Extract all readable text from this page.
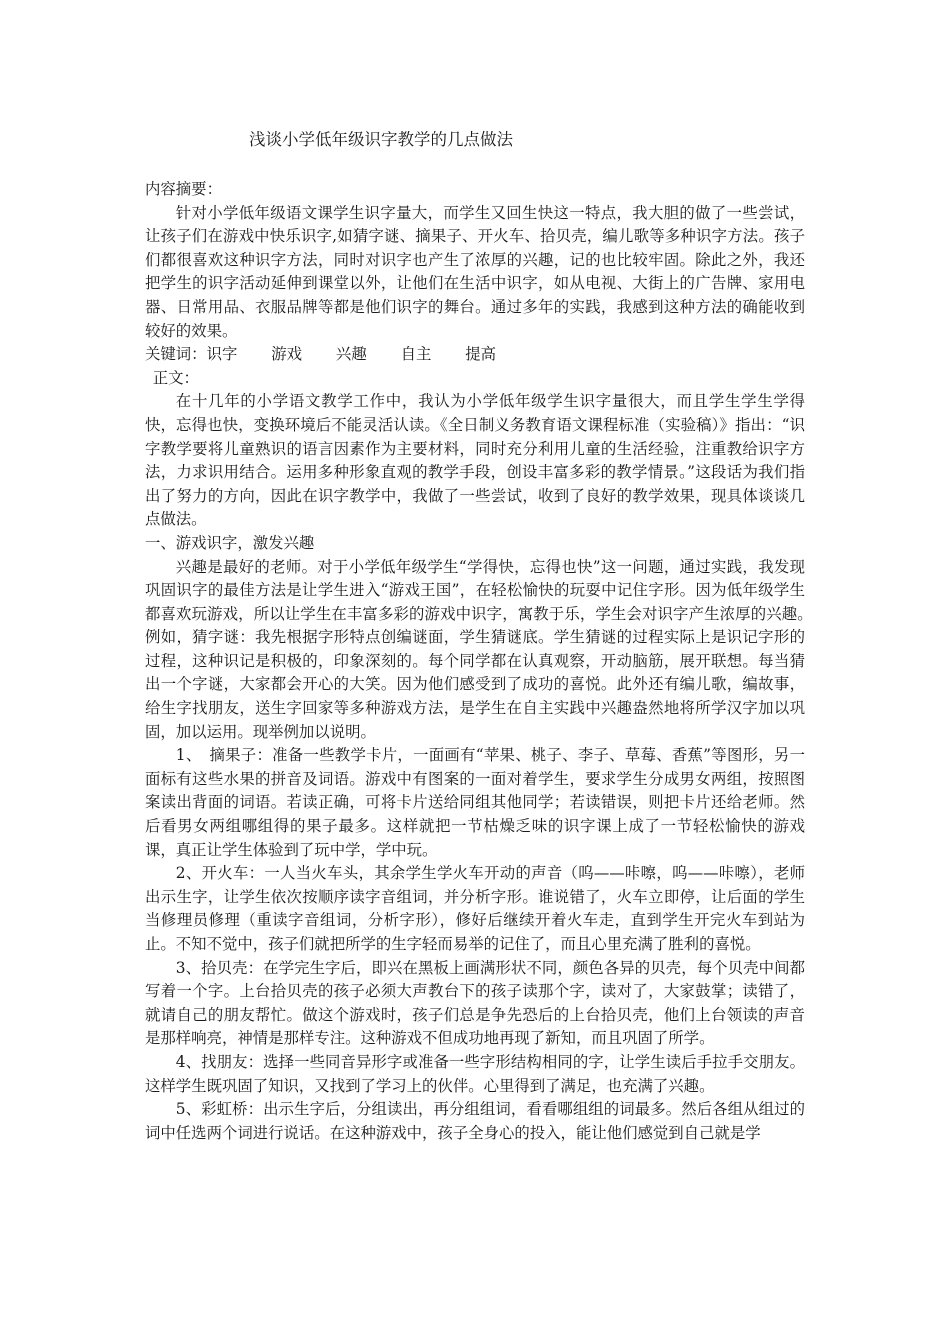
浅谈小学低年级识字教学的几点做法

内容摘要：

针对小学低年级语文课学生识字量大，而学生又回生快这一特点，我大胆的做了一些尝试，让孩子们在游戏中快乐识字,如猜字谜、摘果子、开火车、拾贝壳，编儿歌等多种识字方法。孩子们都很喜欢这种识字方法，同时对识字也产生了浓厚的兴趣，记的也比较牢固。除此之外，我还把学生的识字活动延伸到课堂以外，让他们在生活中识字，如从电视、大街上的广告牌、家用电器、日常用品、衣服品牌等都是他们识字的舞台。通过多年的实践，我感到这种方法的确能收到较好的效果。

关键词：识字 游戏 兴趣 自主 提高

正文：

在十几年的小学语文教学工作中，我认为小学低年级学生识字量很大，而且学生学生学得快，忘得也快，变换环境后不能灵活认读。《全日制义务教育语文课程标准（实验稿）》指出：“识字教学要将儿童熟识的语言因素作为主要材料，同时充分利用儿童的生活经验，注重教给识字方法，力求识用结合。运用多种形象直观的教学手段，创设丰富多彩的教学情景。”这段话为我们指出了努力的方向，因此在识字教学中，我做了一些尝试，收到了良好的教学效果，现具体谈谈几点做法。

一、游戏识字，激发兴趣

兴趣是最好的老师。对于小学低年级学生“学得快，忘得也快”这一问题，通过实践，我发现巩固识字的最佳方法是让学生进入“游戏王国”，在轻松愉快的玩耍中记住字形。因为低年级学生都喜欢玩游戏，所以让学生在丰富多彩的游戏中识字，寓教于乐，学生会对识字产生浓厚的兴趣。　例如，猜字谜：我先根据字形特点创编谜面，学生猜谜底。学生猜谜的过程实际上是识记字形的过程，这种识记是积极的，印象深刻的。每个同学都在认真观察，开动脑筋，展开联想。每当猜出一个字谜，大家都会开心的大笑。因为他们感受到了成功的喜悦。此外还有编儿歌，编故事，给生字找朋友，送生字回家等多种游戏方法，是学生在自主实践中兴趣盎然地将所学汉字加以巩固，加以运用。现举例加以说明。

1、　摘果子：准备一些教学卡片，一面画有“苹果、桃子、李子、草莓、香蕉”等图形，另一面标有这些水果的拼音及词语。游戏中有图案的一面对着学生，要求学生分成男女两组，按照图案读出背面的词语。若读正确，可将卡片送给同组其他同学；若读错误，则把卡片还给老师。然后看男女两组哪组得的果子最多。这样就把一节枯燥乏味的识字课上成了一节轻松愉快的游戏课，真正让学生体验到了玩中学，学中玩。

2、开火车：一人当火车头，其余学生学火车开动的声音（呜——咔嚓，呜——咔嚓），老师出示生字，让学生依次按顺序读字音组词，并分析字形。谁说错了，火车立即停，让后面的学生当修理员修理（重读字音组词，分析字形），修好后继续开着火车走，直到学生开完火车到站为止。不知不觉中，孩子们就把所学的生字轻而易举的记住了，而且心里充满了胜利的喜悦。

3、拾贝壳：在学完生字后，即兴在黑板上画满形状不同，颜色各异的贝壳，每个贝壳中间都写着一个字。上台拾贝壳的孩子必须大声教台下的孩子读那个字，读对了，大家鼓掌；读错了，就请自己的朋友帮忙。做这个游戏时，孩子们总是争先恐后的上台拾贝壳，他们上台领读的声音是那样响亮，神情是那样专注。这种游戏不但成功地再现了新知，而且巩固了所学。

4、找朋友：选择一些同音异形字或准备一些字形结构相同的字，让学生读后手拉手交朋友。这样学生既巩固了知识，又找到了学习上的伙伴。心里得到了满足，也充满了兴趣。

5、彩虹桥：出示生字后，分组读出，再分组组词，看看哪组组的词最多。然后各组从组过的词中任选两个词进行说话。在这种游戏中，孩子全身心的投入，能让他们感觉到自己就是学
